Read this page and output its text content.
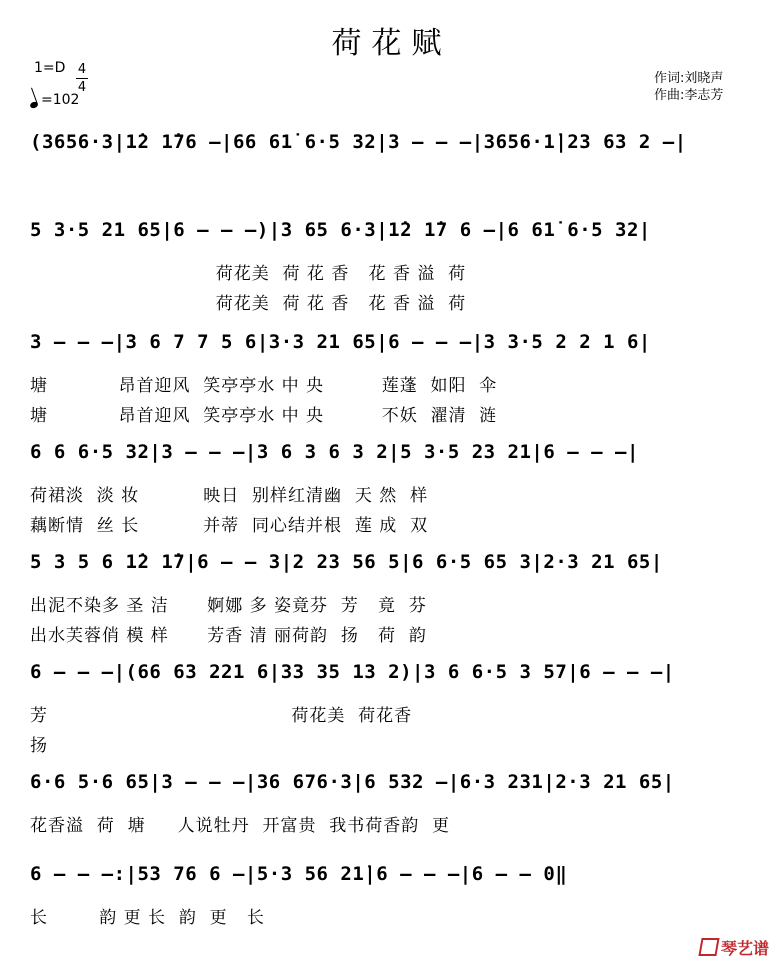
荷花赋
1=D 4
4
=102
作词:刘晓声
作曲:李志芳
(3656·3|1̇2 1̇76 –|66 61̇ 6·5 32|3 – – –|3656·1̇|23 63 2 –|
5 3·5 21 65|6 – – –)|3 65 6·3|1̇2 1̇7 6 –|6 61̇ 6·5 32|
荷花美  荷 花 香   花 香 溢  荷
荷花美  荷 花 香   花 香 溢  荷
3 – – –|3 6 7 7 5 6|3·3 21 65|6 – – –|3 3·5 2 2 1 6|
塘           昂首迎风  笑亭亭水 中 央         莲蓬  如阳  伞
塘           昂首迎风  笑亭亭水 中 央         不妖  濯清  涟
6 6 6·5 32|3 – – –|3 6 3 6 3 2|5 3·5 23 21|6 – – –|
荷裙淡  淡 妆          映日  别样红清幽  天 然  样
藕断情  丝 长          并蒂  同心结并根  莲 成  双
5 3 5 6 1̇2 1̇7|6 – – 3|2 23 56 5|6 6·5 65 3|2·3 21 65|
出泥不染多 圣 洁      婀娜 多 姿竟芬  芳   竟  芬
出水芙蓉俏 模 样      芳香 清 丽荷韵  扬   荷  韵
6 – – –|(66 63 221 6|33 35 13 2)|3 6 6·5 3 57|6 – – –|
芳                                      荷花美  荷花香
扬
6·6 5·6 65|3 – – –|36 676·3|6 532 –|6·3 231|2·3 21 65|
花香溢  荷  塘     人说牡丹  开富贵  我书荷香韵  更
6 – – –:|53 76 6 –|5·3 56 21̇|6 – – –|6 – – 0‖
长        韵 更 长  韵  更   长
琴艺谱
